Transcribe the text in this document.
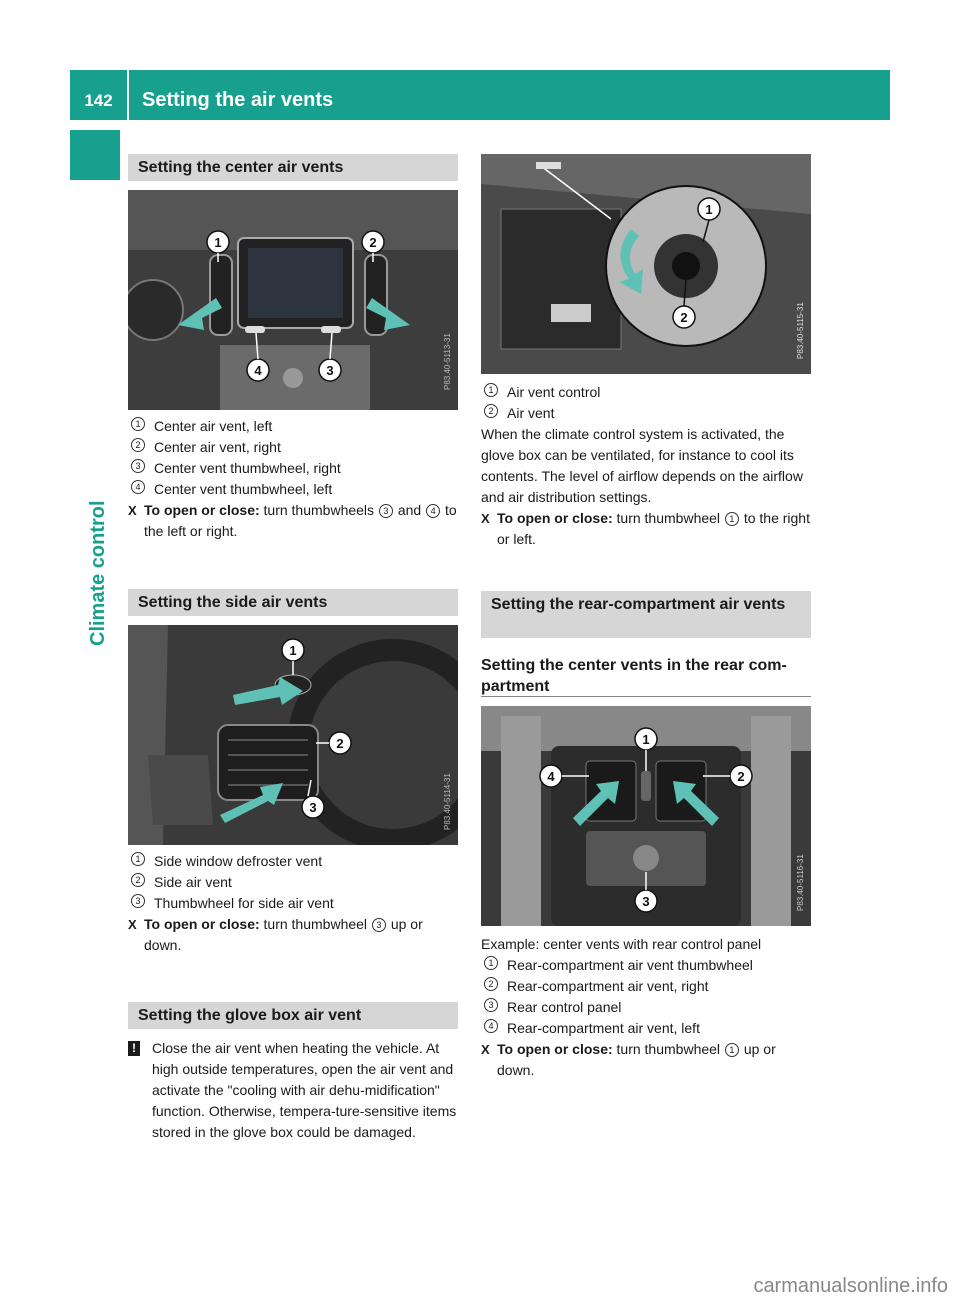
142	Setting the air vents
Climate control
Setting the center air vents
1	2
4	3	P83.40-5113-31
1 Center air vent, left
2 Center air vent, right
3 Center vent thumbwheel, right
4 Center vent thumbwheel, left
X To open or close: turn thumbwheels 3 and 4 to the left or right.
Setting the side air vents
1
2
3	P83.40-5114-31
1 Side window defroster vent
2 Side air vent
3 Thumbwheel for side air vent
X To open or close: turn thumbwheel 3 up or down.
Setting the glove box air vent
! Close the air vent when heating the vehicle. At high outside temperatures, open the air vent and activate the "cooling with air dehu-midification" function. Otherwise, tempera-ture-sensitive items stored in the glove box could be damaged.
1
2	P83.40-5115-31
1 Air vent control
2 Air vent
When the climate control system is activated, the glove box can be ventilated, for instance to cool its contents. The level of airflow depends on the airflow and air distribution settings.
X To open or close: turn thumbwheel 1 to the right or left.
Setting the rear-compartment air vents
Setting the center vents in the rear com-partment
1
2
4
3	P83.40-5116-31
Example: center vents with rear control panel
1 Rear-compartment air vent thumbwheel
2 Rear-compartment air vent, right
3 Rear control panel
4 Rear-compartment air vent, left
X To open or close: turn thumbwheel 1 up or down.
carmanualsonline.info
